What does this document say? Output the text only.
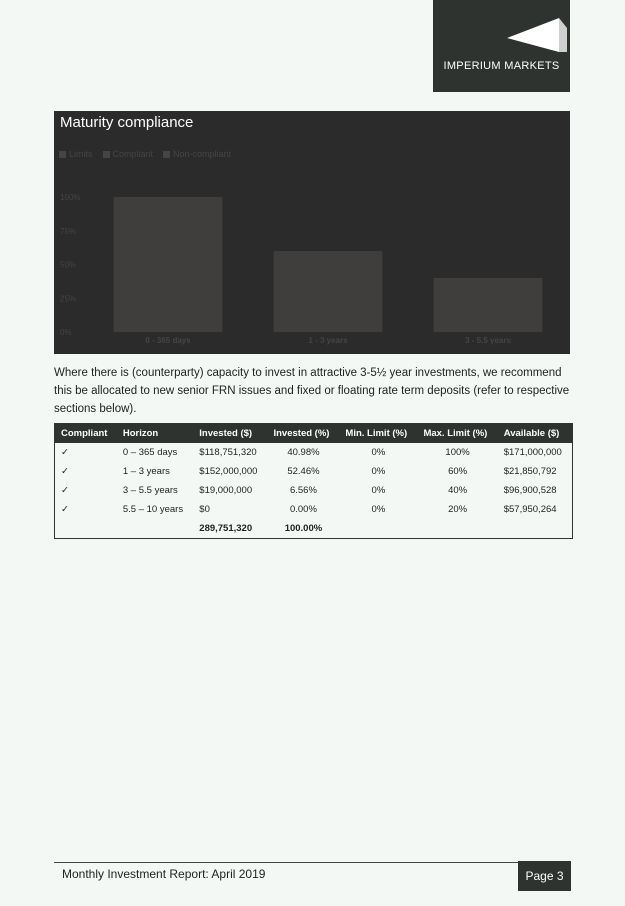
IMPERIUM MARKETS
100%
75%
50%
25%
0%
0 - 365 days	1 - 3 years	3 - 5.5 years
Maturity compliance
Limits Compliant Non-compliant
Where there is (counterparty) capacity to invest in attractive 3-5½ year investments, we recommend this be allocated to new senior FRN issues and fixed or floating rate term deposits (refer to respective sections below).
Compliant	Horizon	Invested ($)	Invested (%)	Min. Limit (%)	Max. Limit (%)	Available ($)
✓	0 – 365 days	$118,751,320	40.98%	0%	100%	$171,000,000
✓	1 – 3 years	$152,000,000	52.46%	0%	60%	$21,850,792
✓	3 – 5.5 years	$19,000,000	6.56%	0%	40%	$96,900,528
✓	5.5 – 10 years	$0	0.00%	0%	20%	$57,950,264
		289,751,320	100.00%			
Monthly Investment Report: April 2019	Page 3
